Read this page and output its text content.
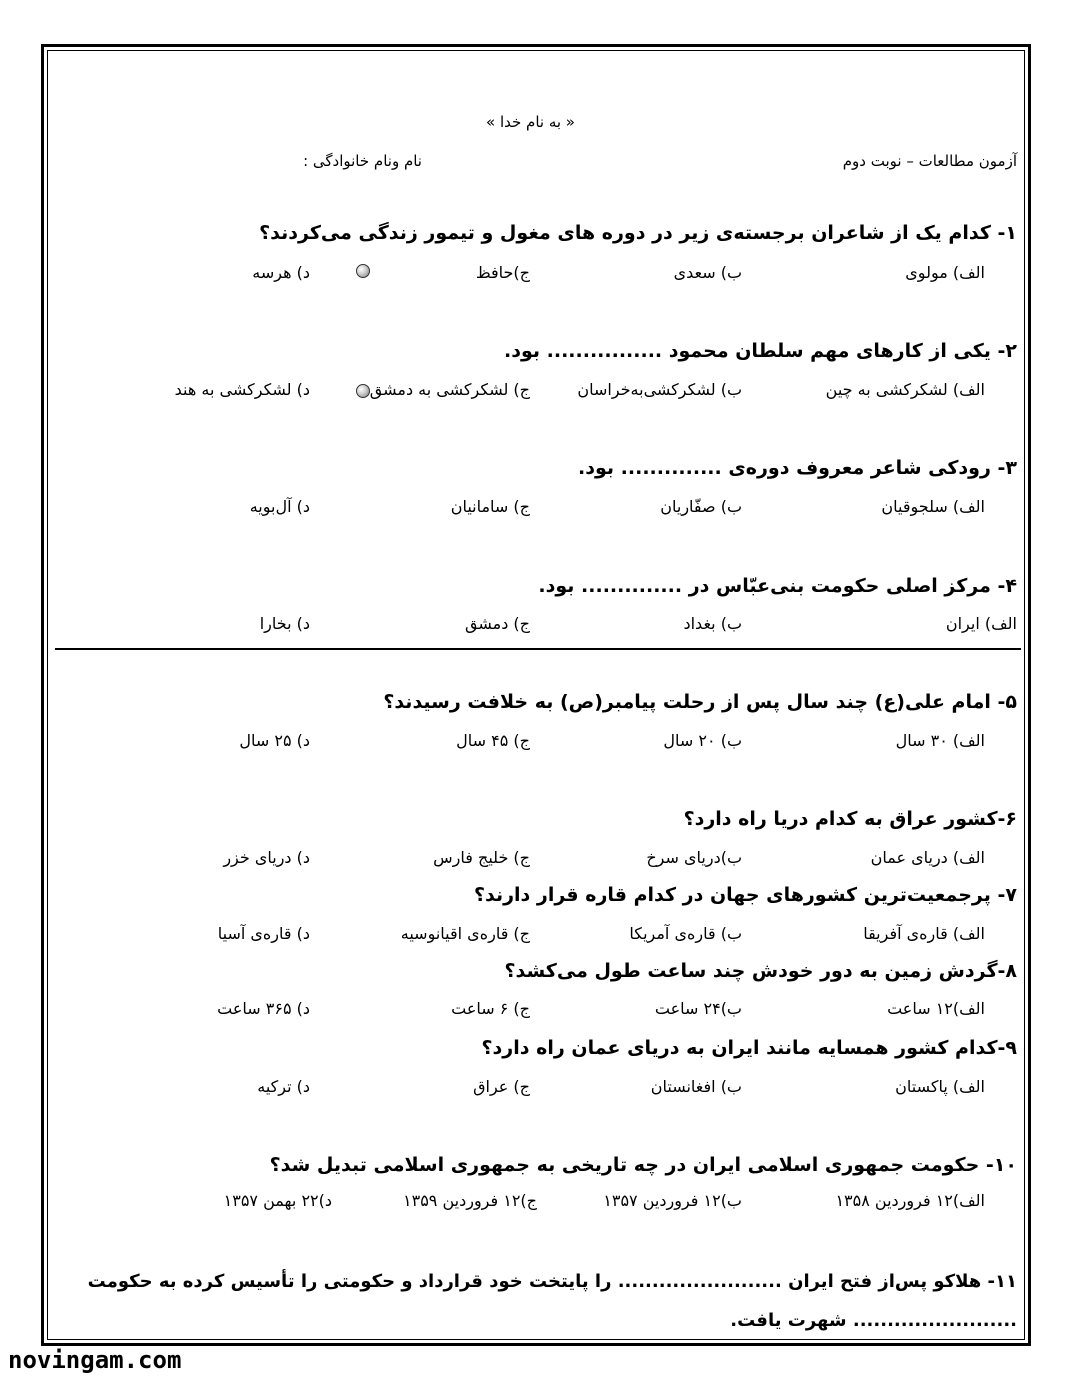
« به نام خدا »
آزمون مطالعات – نوبت دوم
نام ونام خانوادگی :
۱- کدام یک از شاعران برجسته‌ی زیر در دوره های مغول و تیمور زندگی می‌کردند؟
الف) مولوی
ب) سعدی
ج)حافظ
د) هرسه
۲- یکی از کارهای مهم سلطان محمود ................ بود.
الف) لشکرکشی به چین
ب) لشکرکشی‌به‌خراسان
ج) لشکرکشی به دمشق
د) لشکرکشی به هند
۳- رودکی شاعر معروف دوره‌ی .............. بود.
الف) سلجوقیان
ب) صفّاریان
ج) سامانیان
د) آل‌بویه
۴- مرکز اصلی حکومت بنی‌عبّاس در .............. بود.
الف) ایران
ب) بغداد
ج) دمشق
د) بخارا
۵- امام علی(ع) چند سال پس از رحلت پیامبر(ص) به خلافت رسیدند؟
الف) ۳۰ سال
ب) ۲۰ سال
ج) ۴۵ سال
د) ۲۵ سال
۶-کشور عراق به کدام دریا راه دارد؟
الف) دریای عمان
ب)دریای سرخ
ج) خلیج فارس
د) دریای خزر
۷- پرجمعیت‌ترین کشورهای جهان در کدام قاره قرار دارند؟
الف) قاره‌ی آفریقا
ب) قاره‌ی آمریکا
ج) قاره‌ی اقیانوسیه
د) قاره‌ی آسیا
۸-گردش زمین به دور خودش چند ساعت طول می‌کشد؟
الف)۱۲ ساعت
ب)۲۴ ساعت
ج) ۶ ساعت
د) ۳۶۵ ساعت
۹-کدام کشور همسایه مانند ایران به دریای عمان راه دارد؟
الف) پاکستان
ب) افغانستان
ج) عراق
د) ترکیه
۱۰- حکومت جمهوری اسلامی ایران در چه تاریخی به جمهوری اسلامی تبدیل شد؟
الف)۱۲ فروردین ۱۳۵۸
ب)۱۲ فروردین ۱۳۵۷
ج)۱۲ فروردین ۱۳۵۹
د)۲۲ بهمن ۱۳۵۷
۱۱- هلاکو پس‌از فتح ایران ........................ را پایتخت خود قرارداد و حکومتی را تأسیس کرده به حکومت
........................ شهرت یافت.
novingam.com
